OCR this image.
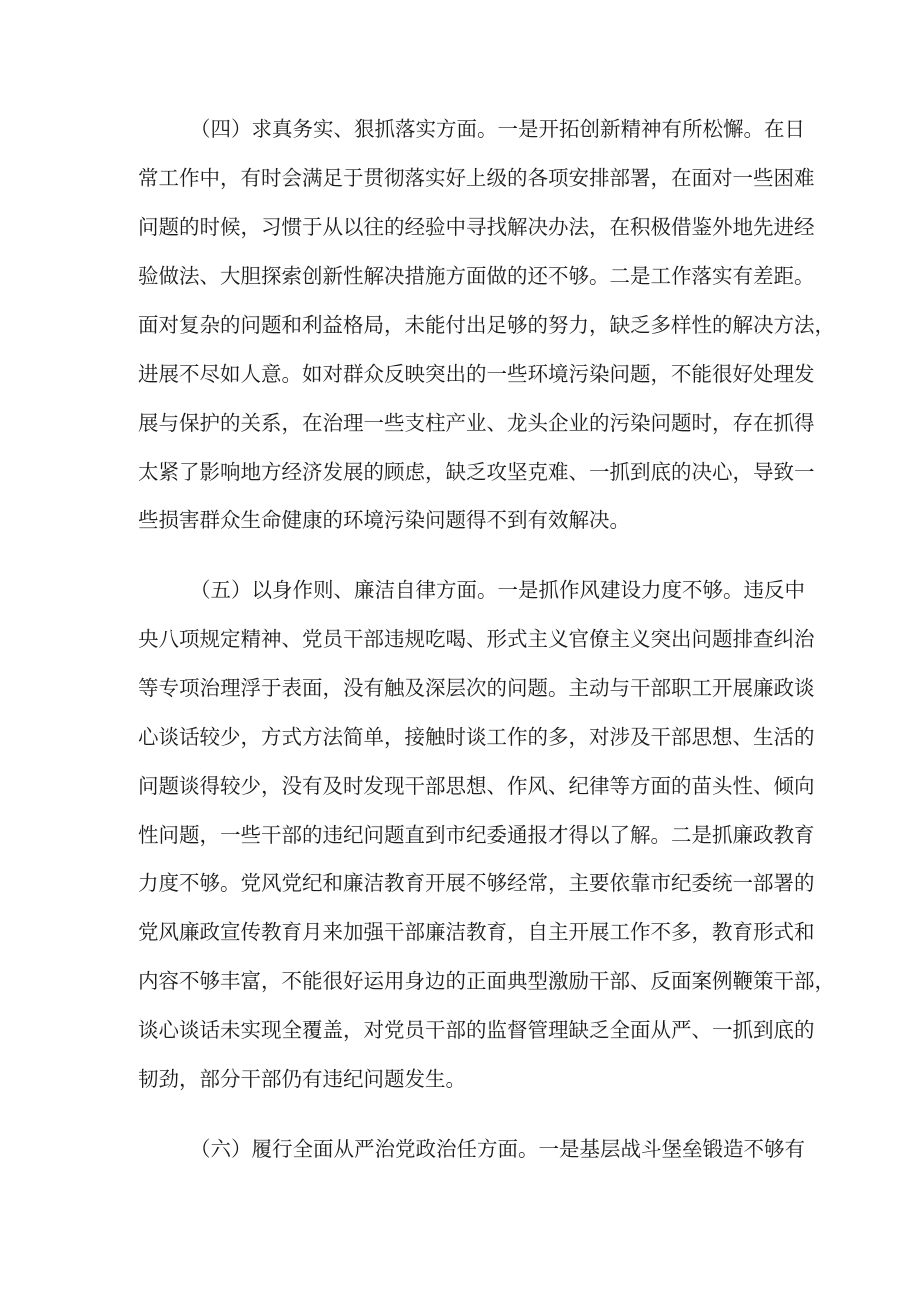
（四）求真务实、狠抓落实方面。一是开拓创新精神有所松懈。在日
常工作中，有时会满足于贯彻落实好上级的各项安排部署，在面对一些困难
问题的时候，习惯于从以往的经验中寻找解决办法，在积极借鉴外地先进经
验做法、大胆探索创新性解决措施方面做的还不够。二是工作落实有差距。
面对复杂的问题和利益格局，未能付出足够的努力，缺乏多样性的解决方法，
进展不尽如人意。如对群众反映突出的一些环境污染问题，不能很好处理发
展与保护的关系，在治理一些支柱产业、龙头企业的污染问题时，存在抓得
太紧了影响地方经济发展的顾虑，缺乏攻坚克难、一抓到底的决心，导致一
些损害群众生命健康的环境污染问题得不到有效解决。
（五）以身作则、廉洁自律方面。一是抓作风建设力度不够。违反中
央八项规定精神、党员干部违规吃喝、形式主义官僚主义突出问题排查纠治
等专项治理浮于表面，没有触及深层次的问题。主动与干部职工开展廉政谈
心谈话较少，方式方法简单，接触时谈工作的多，对涉及干部思想、生活的
问题谈得较少，没有及时发现干部思想、作风、纪律等方面的苗头性、倾向
性问题，一些干部的违纪问题直到市纪委通报才得以了解。二是抓廉政教育
力度不够。党风党纪和廉洁教育开展不够经常，主要依靠市纪委统一部署的
党风廉政宣传教育月来加强干部廉洁教育，自主开展工作不多，教育形式和
内容不够丰富，不能很好运用身边的正面典型激励干部、反面案例鞭策干部，
谈心谈话未实现全覆盖，对党员干部的监督管理缺乏全面从严、一抓到底的
韧劲，部分干部仍有违纪问题发生。
（六）履行全面从严治党政治任方面。一是基层战斗堡垒锻造不够有
